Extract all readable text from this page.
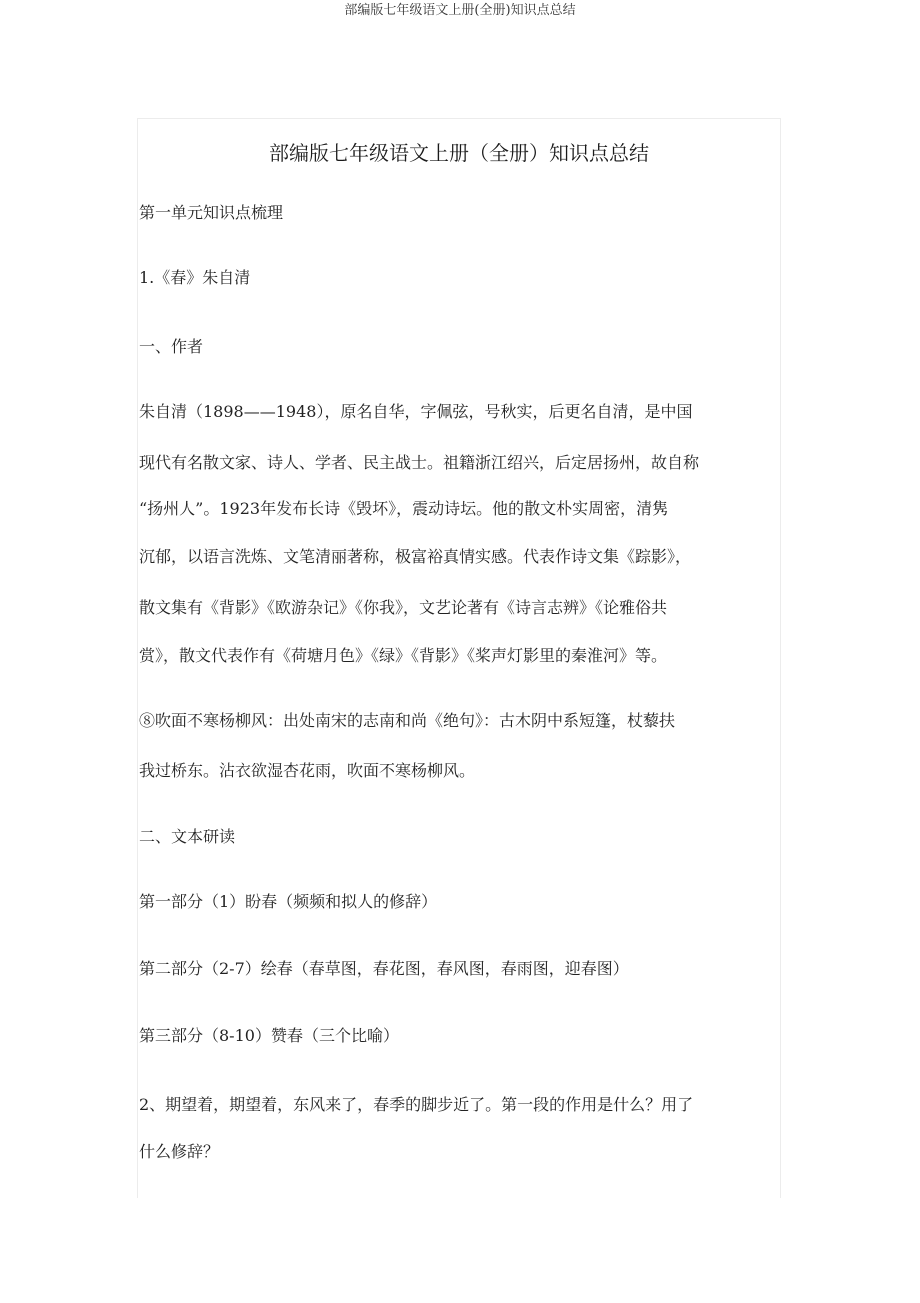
部编版七年级语文上册(全册)知识点总结
部编版七年级语文上册（全册）知识点总结
第一单元知识点梳理
1.《春》朱自清
一、作者
朱自清（1898——1948），原名自华，字佩弦，号秋实，后更名自清，是中国
现代有名散文家、诗人、学者、民主战士。祖籍浙江绍兴，后定居扬州，故自称
“扬州人”。1923年发布长诗《毁坏》，震动诗坛。他的散文朴实周密，清隽
沉郁，以语言洗炼、文笔清丽著称，极富裕真情实感。代表作诗文集《踪影》，
散文集有《背影》《欧游杂记》《你我》，文艺论著有《诗言志辨》《论雅俗共
赏》，散文代表作有《荷塘月色》《绿》《背影》《桨声灯影里的秦淮河》等。
⑧吹面不寒杨柳风：出处南宋的志南和尚《绝句》：古木阴中系短篷，杖藜扶
我过桥东。沾衣欲湿杏花雨，吹面不寒杨柳风。
二、文本研读
第一部分（1）盼春（频频和拟人的修辞）
第二部分（2-7）绘春（春草图，春花图，春风图，春雨图，迎春图）
第三部分（8-10）赞春（三个比喻）
2、期望着，期望着，东风来了，春季的脚步近了。第一段的作用是什么？用了
什么修辞？
